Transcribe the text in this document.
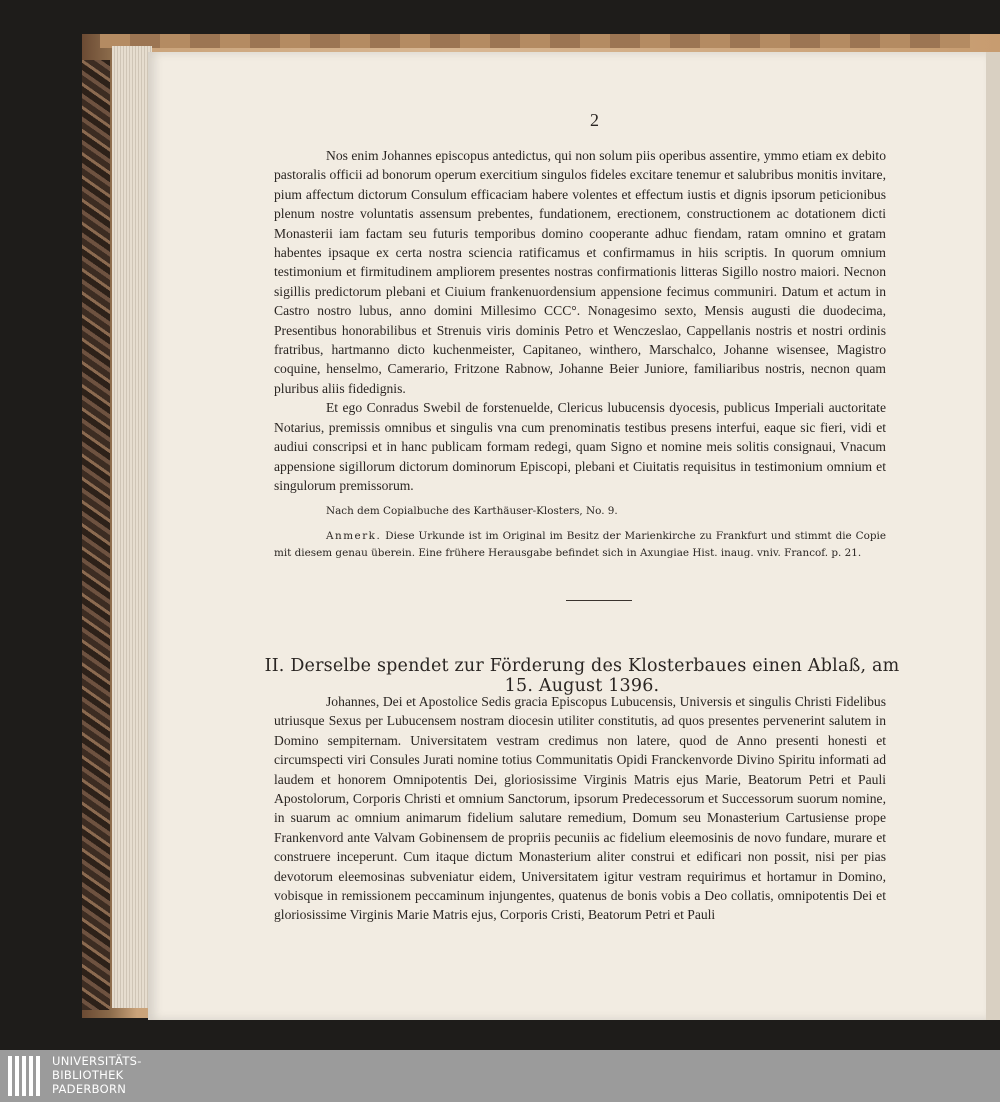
2

Nos enim Johannes episcopus antedictus, qui non solum piis operibus assentire, ymmo etiam ex debito pastoralis officii ad bonorum operum exercitium singulos fideles excitare tenemur et salubribus monitis invitare, pium affectum dictorum Consulum efficaciam habere volentes et effectum iustis et dignis ipsorum peticionibus plenum nostre voluntatis assensum prebentes, fundationem, erectionem, constructionem ac dotationem dicti Monasterii iam factam seu futuris temporibus domino cooperante adhuc fiendam, ratam omnino et gratam habentes ipsaque ex certa nostra sciencia ratificamus et confirmamus in hiis scriptis. In quorum omnium testimonium et firmitudinem ampliorem presentes nostras confirmationis litteras Sigillo nostro maiori. Necnon sigillis predictorum plebani et Ciuium frankenuordensium appensione fecimus communiri. Datum et actum in Castro nostro lubus, anno domini Millesimo CCC°. Nonagesimo sexto, Mensis augusti die duodecima, Presentibus honorabilibus et Strenuis viris dominis Petro et Wenczeslao, Cappellanis nostris et nostri ordinis fratribus, hartmanno dicto kuchenmeister, Capitaneo, winthero, Marschalco, Johanne wisensee, Magistro coquine, henselmo, Camerario, Fritzone Rabnow, Johanne Beier Juniore, familiaribus nostris, necnon quam pluribus aliis fidedignis.

Et ego Conradus Swebil de forstenuelde, Clericus lubucensis dyocesis, publicus Imperiali auctoritate Notarius, premissis omnibus et singulis vna cum prenominatis testibus presens interfui, eaque sic fieri, vidi et audiui conscripsi et in hanc publicam formam redegi, quam Signo et nomine meis solitis consignaui, Vnacum appensione sigillorum dictorum dominorum Episcopi, plebani et Ciuitatis requisitus in testimonium omnium et singulorum premissorum.

Nach dem Copialbuche des Karthäuser-Klosters, No. 9.
Anmerk. Diese Urkunde ist im Original im Besitz der Marienkirche zu Frankfurt und stimmt die Copie mit diesem genau überein. Eine frühere Herausgabe befindet sich in Axungiae Hist. inaug. vniv. Francof. p. 21.
II. Derselbe spendet zur Förderung des Klosterbaues einen Ablaß, am 15. August 1396.

Johannes, Dei et Apostolice Sedis gracia Episcopus Lubucensis, Universis et singulis Christi Fidelibus utriusque Sexus per Lubucensem nostram diocesin utiliter constitutis, ad quos presentes pervenerint salutem in Domino sempiternam. Universitatem vestram credimus non latere, quod de Anno presenti honesti et circumspecti viri Consules Jurati nomine totius Communitatis Opidi Franckenvorde Divino Spiritu informati ad laudem et honorem Omnipotentis Dei, gloriosissime Virginis Matris ejus Marie, Beatorum Petri et Pauli Apostolorum, Corporis Christi et omnium Sanctorum, ipsorum Predecessorum et Successorum suorum nomine, in suarum ac omnium animarum fidelium salutare remedium, Domum seu Monasterium Cartusiense prope Frankenvord ante Valvam Gobinensem de propriis pecuniis ac fidelium eleemosinis de novo fundare, murare et construere inceperunt. Cum itaque dictum Monasterium aliter construi et edificari non possit, nisi per pias devotorum eleemosinas subveniatur eidem, Universitatem igitur vestram requirimus et hortamur in Domino, vobisque in remissionem peccaminum injungentes, quatenus de bonis vobis a Deo collatis, omnipotentis Dei et gloriosissime Virginis Marie Matris ejus, Corporis Cristi, Beatorum Petri et Pauli

UNIVERSITÄTS-
BIBLIOTHEK
PADERBORN
